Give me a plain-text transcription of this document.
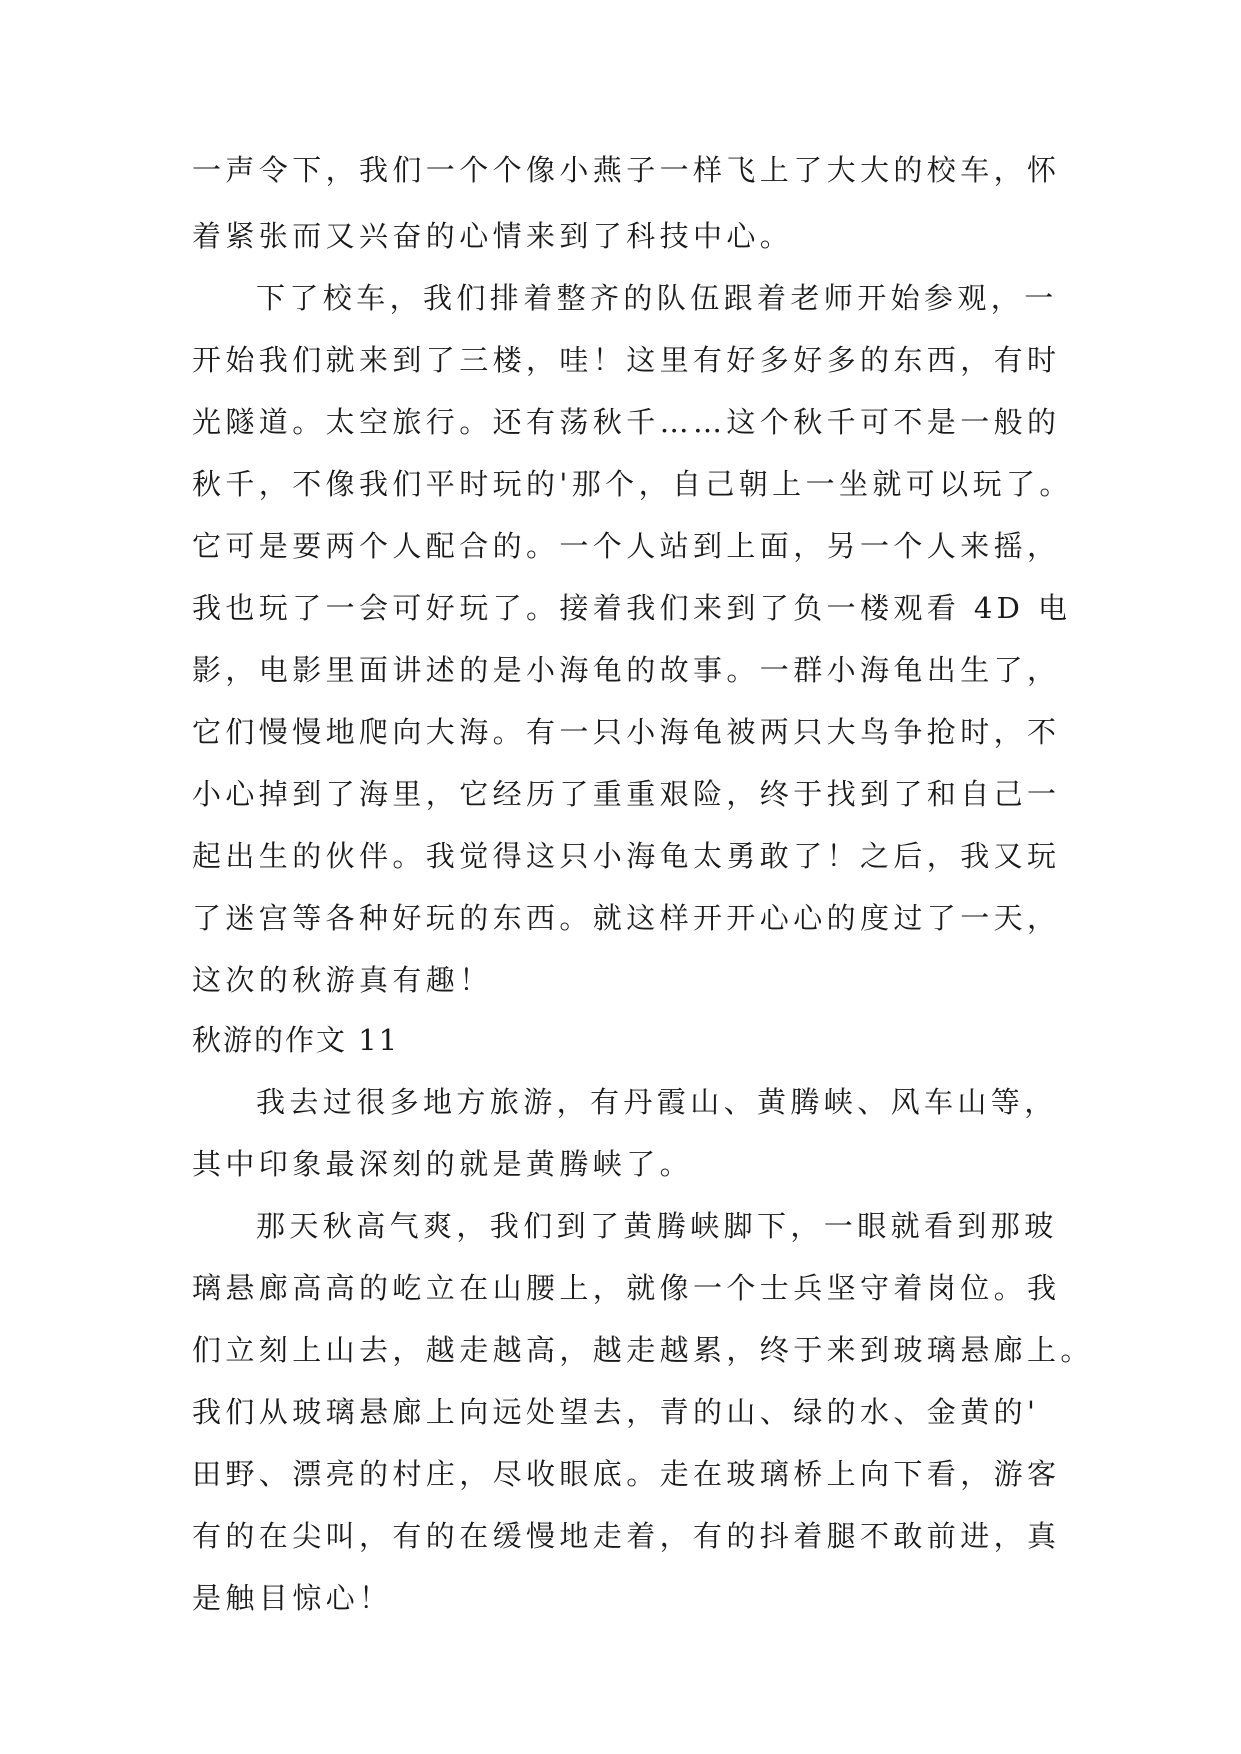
一声令下，我们一个个像小燕子一样飞上了大大的校车，怀

着紧张而又兴奋的心情来到了科技中心。

下了校车，我们排着整齐的队伍跟着老师开始参观，一

开始我们就来到了三楼，哇！这里有好多好多的东西，有时

光隧道。太空旅行。还有荡秋千……这个秋千可不是一般的

秋千，不像我们平时玩的'那个，自己朝上一坐就可以玩了。

它可是要两个人配合的。一个人站到上面，另一个人来摇，

我也玩了一会可好玩了。接着我们来到了负一楼观看 4D 电

影，电影里面讲述的是小海龟的故事。一群小海龟出生了，

它们慢慢地爬向大海。有一只小海龟被两只大鸟争抢时，不

小心掉到了海里，它经历了重重艰险，终于找到了和自己一

起出生的伙伴。我觉得这只小海龟太勇敢了！之后，我又玩

了迷宫等各种好玩的东西。就这样开开心心的度过了一天，

这次的秋游真有趣！

秋游的作文 11

我去过很多地方旅游，有丹霞山、黄腾峡、风车山等，

其中印象最深刻的就是黄腾峡了。

那天秋高气爽，我们到了黄腾峡脚下，一眼就看到那玻

璃悬廊高高的屹立在山腰上，就像一个士兵坚守着岗位。我

们立刻上山去，越走越高，越走越累，终于来到玻璃悬廊上。

我们从玻璃悬廊上向远处望去，青的山、绿的水、金黄的'

田野、漂亮的村庄，尽收眼底。走在玻璃桥上向下看，游客

有的在尖叫，有的在缓慢地走着，有的抖着腿不敢前进，真

是触目惊心！
